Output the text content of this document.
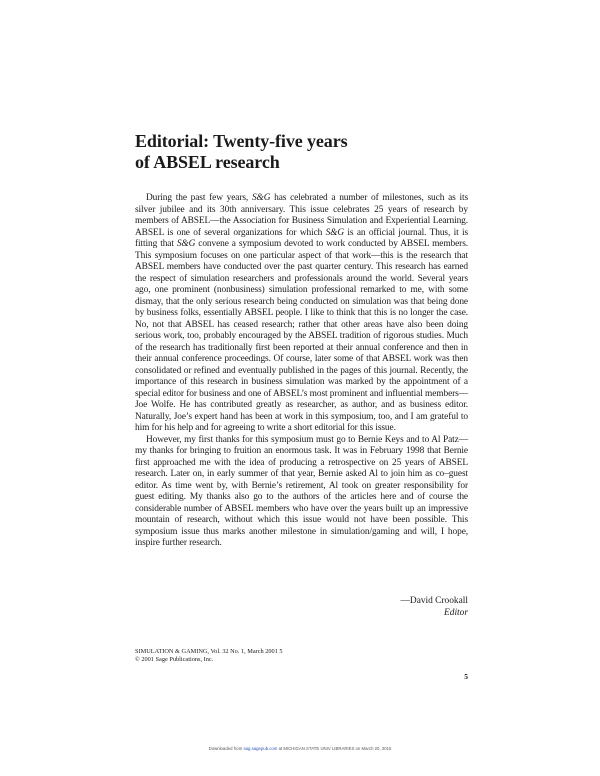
Editorial: Twenty-five years
of ABSEL research

During the past few years, S&G has celebrated a number of milestones, such as its silver jubilee and its 30th anniversary. This issue celebrates 25 years of research by members of ABSEL—the Association for Business Simulation and Experiential Learning. ABSEL is one of several organizations for which S&G is an official journal. Thus, it is fitting that S&G convene a symposium devoted to work conducted by ABSEL members. This symposium focuses on one particular aspect of that work—this is the research that ABSEL members have conducted over the past quarter century. This research has earned the respect of simulation researchers and professionals around the world. Several years ago, one prominent (nonbusiness) simulation professional remarked to me, with some dismay, that the only serious research being conducted on simulation was that being done by business folks, essentially ABSEL people. I like to think that this is no longer the case. No, not that ABSEL has ceased research; rather that other areas have also been doing serious work, too, probably encouraged by the ABSEL tradition of rigorous studies. Much of the research has traditionally first been reported at their annual conference and then in their annual conference proceedings. Of course, later some of that ABSEL work was then consolidated or refined and eventually published in the pages of this journal. Recently, the importance of this research in business simulation was marked by the appointment of a special editor for business and one of ABSEL’s most prominent and influential members—Joe Wolfe. He has contributed greatly as researcher, as author, and as business editor. Naturally, Joe’s expert hand has been at work in this symposium, too, and I am grateful to him for his help and for agreeing to write a short editorial for this issue.

However, my first thanks for this symposium must go to Bernie Keys and to Al Patz—my thanks for bringing to fruition an enormous task. It was in February 1998 that Bernie first approached me with the idea of producing a retrospective on 25 years of ABSEL research. Later on, in early summer of that year, Bernie asked Al to join him as co–guest editor. As time went by, with Bernie’s retirement, Al took on greater responsibility for guest editing. My thanks also go to the authors of the articles here and of course the considerable number of ABSEL members who have over the years built up an impressive mountain of research, without which this issue would not have been possible. This symposium issue thus marks another milestone in simulation/gaming and will, I hope, inspire further research.

—David Crookall
Editor
SIMULATION & GAMING, Vol. 32 No. 1, March 2001 5
© 2001 Sage Publications, Inc.
5
Downloaded from sag.sagepub.com at MICHIGAN STATE UNIV LIBRARIES on March 20, 2015
